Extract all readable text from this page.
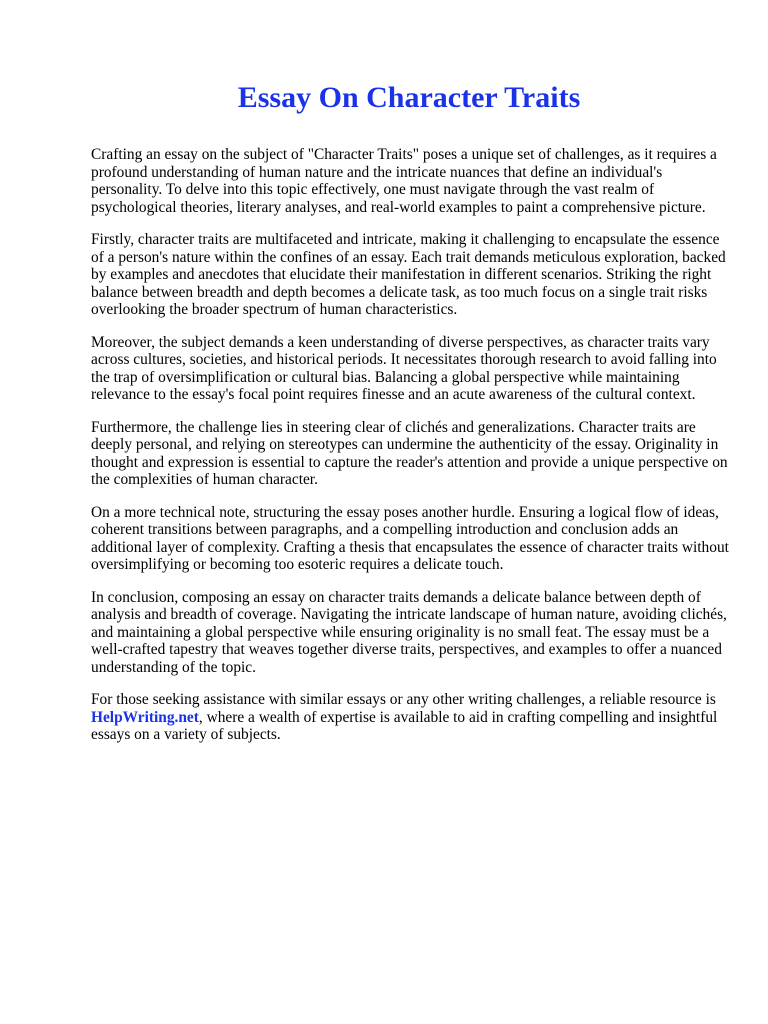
Essay On Character Traits

Crafting an essay on the subject of "Character Traits" poses a unique set of challenges, as it requires a profound understanding of human nature and the intricate nuances that define an individual's personality. To delve into this topic effectively, one must navigate through the vast realm of psychological theories, literary analyses, and real-world examples to paint a comprehensive picture.

Firstly, character traits are multifaceted and intricate, making it challenging to encapsulate the essence of a person's nature within the confines of an essay. Each trait demands meticulous exploration, backed by examples and anecdotes that elucidate their manifestation in different scenarios. Striking the right balance between breadth and depth becomes a delicate task, as too much focus on a single trait risks overlooking the broader spectrum of human characteristics.

Moreover, the subject demands a keen understanding of diverse perspectives, as character traits vary across cultures, societies, and historical periods. It necessitates thorough research to avoid falling into the trap of oversimplification or cultural bias. Balancing a global perspective while maintaining relevance to the essay's focal point requires finesse and an acute awareness of the cultural context.

Furthermore, the challenge lies in steering clear of clichés and generalizations. Character traits are deeply personal, and relying on stereotypes can undermine the authenticity of the essay. Originality in thought and expression is essential to capture the reader's attention and provide a unique perspective on the complexities of human character.

On a more technical note, structuring the essay poses another hurdle. Ensuring a logical flow of ideas, coherent transitions between paragraphs, and a compelling introduction and conclusion adds an additional layer of complexity. Crafting a thesis that encapsulates the essence of character traits without oversimplifying or becoming too esoteric requires a delicate touch.

In conclusion, composing an essay on character traits demands a delicate balance between depth of analysis and breadth of coverage. Navigating the intricate landscape of human nature, avoiding clichés, and maintaining a global perspective while ensuring originality is no small feat. The essay must be a well-crafted tapestry that weaves together diverse traits, perspectives, and examples to offer a nuanced understanding of the topic.

For those seeking assistance with similar essays or any other writing challenges, a reliable resource is HelpWriting.net, where a wealth of expertise is available to aid in crafting compelling and insightful essays on a variety of subjects.
